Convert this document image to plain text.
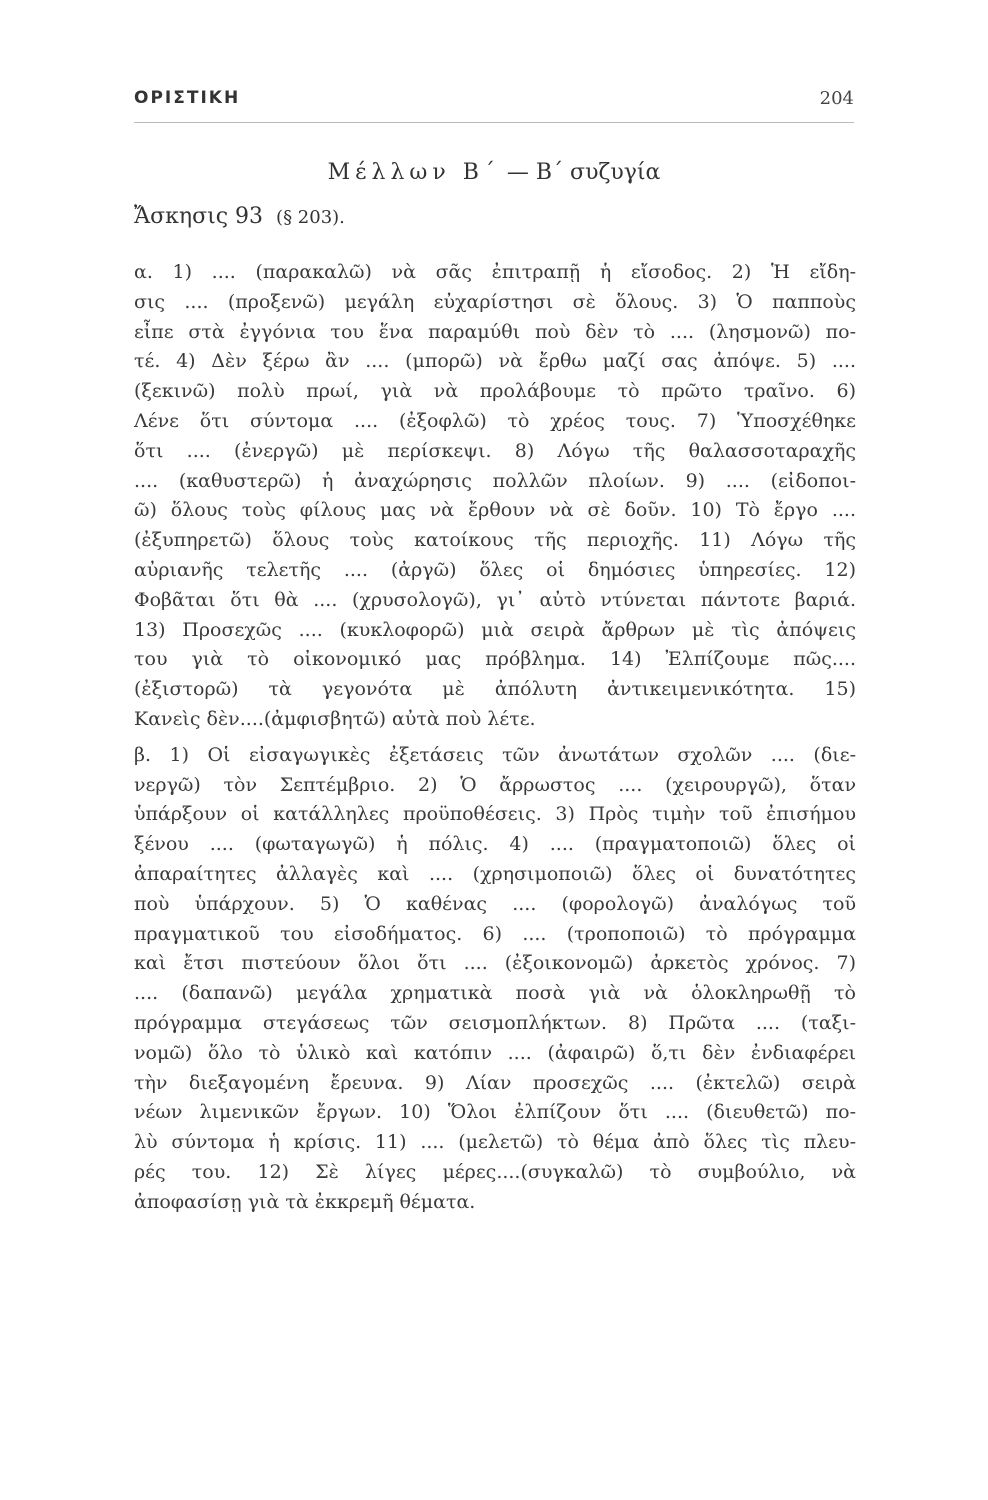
ΟΡΙΣΤΙΚΗ	204
Μέλλων Β΄ — Β΄ συζυγία
Ἄσκησις 93 (§ 203).
α. 1) .... (παρακαλῶ) νὰ σᾶς ἐπιτραπῇ ἡ εἴσοδος. 2) Ἡ εἴδη-
σις .... (προξενῶ) μεγάλη εὐχαρίστησι σὲ ὅλους. 3) Ὁ παπποὺς
εἶπε στὰ ἐγγόνια του ἕνα παραμύθι ποὺ δὲν τὸ .... (λησμονῶ) πο-
τέ. 4) Δὲν ξέρω ἂν .... (μπορῶ) νὰ ἔρθω μαζί σας ἀπόψε. 5) ....
(ξεκινῶ) πολὺ πρωί, γιὰ νὰ προλάβουμε τὸ πρῶτο τραῖνο. 6)
Λένε ὅτι σύντομα .... (ἐξοφλῶ) τὸ χρέος τους. 7) Ὑποσχέθηκε
ὅτι .... (ἐνεργῶ) μὲ περίσκεψι. 8) Λόγω τῆς θαλασσοταραχῆς
.... (καθυστερῶ) ἡ ἀναχώρησις πολλῶν πλοίων. 9) .... (εἰδοποι-
ῶ) ὅλους τοὺς φίλους μας νὰ ἔρθουν νὰ σὲ δοῦν. 10) Τὸ ἔργο ....
(ἐξυπηρετῶ) ὅλους τοὺς κατοίκους τῆς περιοχῆς. 11) Λόγω τῆς
αὐριανῆς τελετῆς .... (ἀργῶ) ὅλες οἱ δημόσιες ὑπηρεσίες. 12)
Φοβᾶται ὅτι θὰ .... (χρυσολογῶ), γι᾿ αὐτὸ ντύνεται πάντοτε βαριά.
13) Προσεχῶς .... (κυκλοφορῶ) μιὰ σειρὰ ἄρθρων μὲ τὶς ἀπόψεις
του γιὰ τὸ οἰκονομικό μας πρόβλημα. 14) Ἐλπίζουμε πῶς....
(ἐξιστορῶ) τὰ γεγονότα μὲ ἀπόλυτη ἀντικειμενικότητα. 15)
Κανεὶς δὲν....(ἀμφισβητῶ) αὐτὰ ποὺ λέτε.
β. 1) Οἱ εἰσαγωγικὲς ἐξετάσεις τῶν ἀνωτάτων σχολῶν .... (διε-
νεργῶ) τὸν Σεπτέμβριο. 2) Ὁ ἄρρωστος .... (χειρουργῶ), ὅταν
ὑπάρξουν οἱ κατάλληλες προϋποθέσεις. 3) Πρὸς τιμὴν τοῦ ἐπισήμου
ξένου .... (φωταγωγῶ) ἡ πόλις. 4) .... (πραγματοποιῶ) ὅλες οἱ
ἀπαραίτητες ἀλλαγὲς καὶ .... (χρησιμοποιῶ) ὅλες οἱ δυνατότητες
ποὺ ὑπάρχουν. 5) Ὁ καθένας .... (φορολογῶ) ἀναλόγως τοῦ
πραγματικοῦ του εἰσοδήματος. 6) .... (τροποποιῶ) τὸ πρόγραμμα
καὶ ἔτσι πιστεύουν ὅλοι ὅτι .... (ἐξοικονομῶ) ἀρκετὸς χρόνος. 7)
.... (δαπανῶ) μεγάλα χρηματικὰ ποσὰ γιὰ νὰ ὁλοκληρωθῇ τὸ
πρόγραμμα στεγάσεως τῶν σεισμοπλήκτων. 8) Πρῶτα .... (ταξι-
νομῶ) ὅλο τὸ ὑλικὸ καὶ κατόπιν .... (ἀφαιρῶ) ὅ,τι δὲν ἐνδιαφέρει
τὴν διεξαγομένη ἔρευνα. 9) Λίαν προσεχῶς .... (ἐκτελῶ) σειρὰ
νέων λιμενικῶν ἔργων. 10) Ὅλοι ἐλπίζουν ὅτι .... (διευθετῶ) πο-
λὺ σύντομα ἡ κρίσις. 11) .... (μελετῶ) τὸ θέμα ἀπὸ ὅλες τὶς πλευ-
ρές του. 12) Σὲ λίγες μέρες....(συγκαλῶ) τὸ συμβούλιο, νὰ
ἀποφασίσῃ γιὰ τὰ ἐκκρεμῆ θέματα.
